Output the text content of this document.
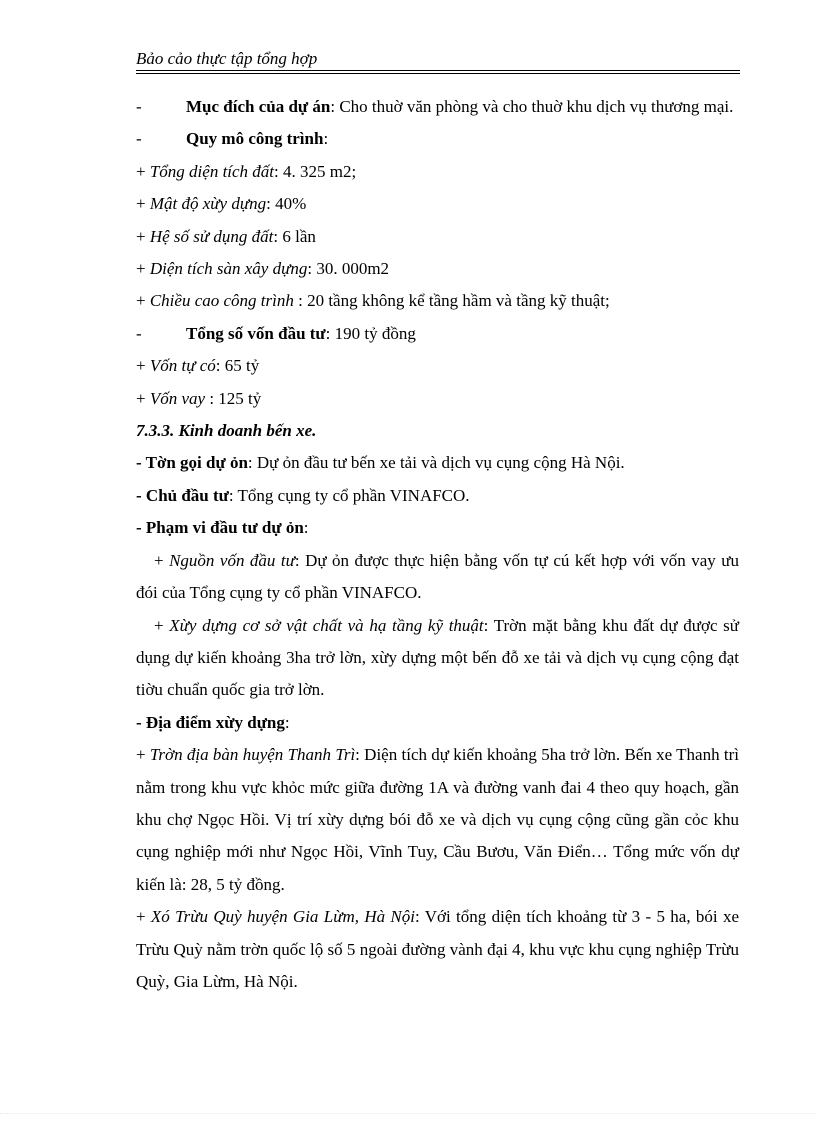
Bảo cảo thực tập tổng hợp

-	Mục đích của dự án: Cho thuờ văn phòng và cho thuờ khu dịch vụ thương mại.

-	Quy mô công trình:

+ Tổng diện tích đất: 4. 325 m2;

+ Mật độ xừy dựng: 40%

+ Hệ số sử dụng đất: 6 lần

+ Diện tích sàn xây dựng: 30. 000m2

+ Chiều cao công trình : 20 tầng không kể tầng hầm và tầng kỹ thuật;

-	Tổng số vốn đầu tư: 190 tỷ đồng

+ Vốn tự có: 65 tỷ

+ Vốn vay : 125 tỷ

7.3.3. Kinh doanh bến xe.

- Tờn gọi dự ỏn: Dự ỏn đầu tư bến xe tải và dịch vụ cụng cộng Hà Nội.

- Chủ đầu tư: Tổng cụng ty cổ phần VINAFCO.

- Phạm vi đầu tư dự ỏn:

+ Nguồn vốn đầu tư: Dự ỏn được thực hiện bằng vốn tự cú kết hợp với vốn vay ưu đói của Tổng cụng ty cổ phần VINAFCO.

+ Xừy dựng cơ sở vật chất và hạ tầng kỹ thuật: Trờn mặt bằng khu đất dự được sử dụng dự kiến khoảng 3ha trở lờn, xừy dựng một bến đỗ xe tải và dịch vụ cụng cộng đạt tiờu chuẩn quốc gia trở lờn.

- Địa điểm xừy dựng:

+ Trờn địa bàn huyện Thanh Trì: Diện tích dự kiến khoảng 5ha trở lờn. Bến xe Thanh trì nằm trong khu vực khỏc mức giữa đường 1A và đường vanh đai 4 theo quy hoạch, gần khu chợ Ngọc Hồi. Vị trí xừy dựng bói đỗ xe và dịch vụ cụng cộng cũng gần cỏc khu cụng nghiệp mới như Ngọc Hồi, Vĩnh Tuy, Cầu Bươu, Văn Điển… Tổng mức vốn dự kiến là: 28, 5 tỷ đồng.

+ Xó Trừu Quỳ huyện Gia Lừm, Hà Nội: Với tổng diện tích khoảng từ 3 - 5 ha, bói xe Trừu Quỳ nằm trờn quốc lộ số 5 ngoài đường vành đại 4, khu vực khu cụng nghiệp Trừu Quỳ, Gia Lừm, Hà Nội.
